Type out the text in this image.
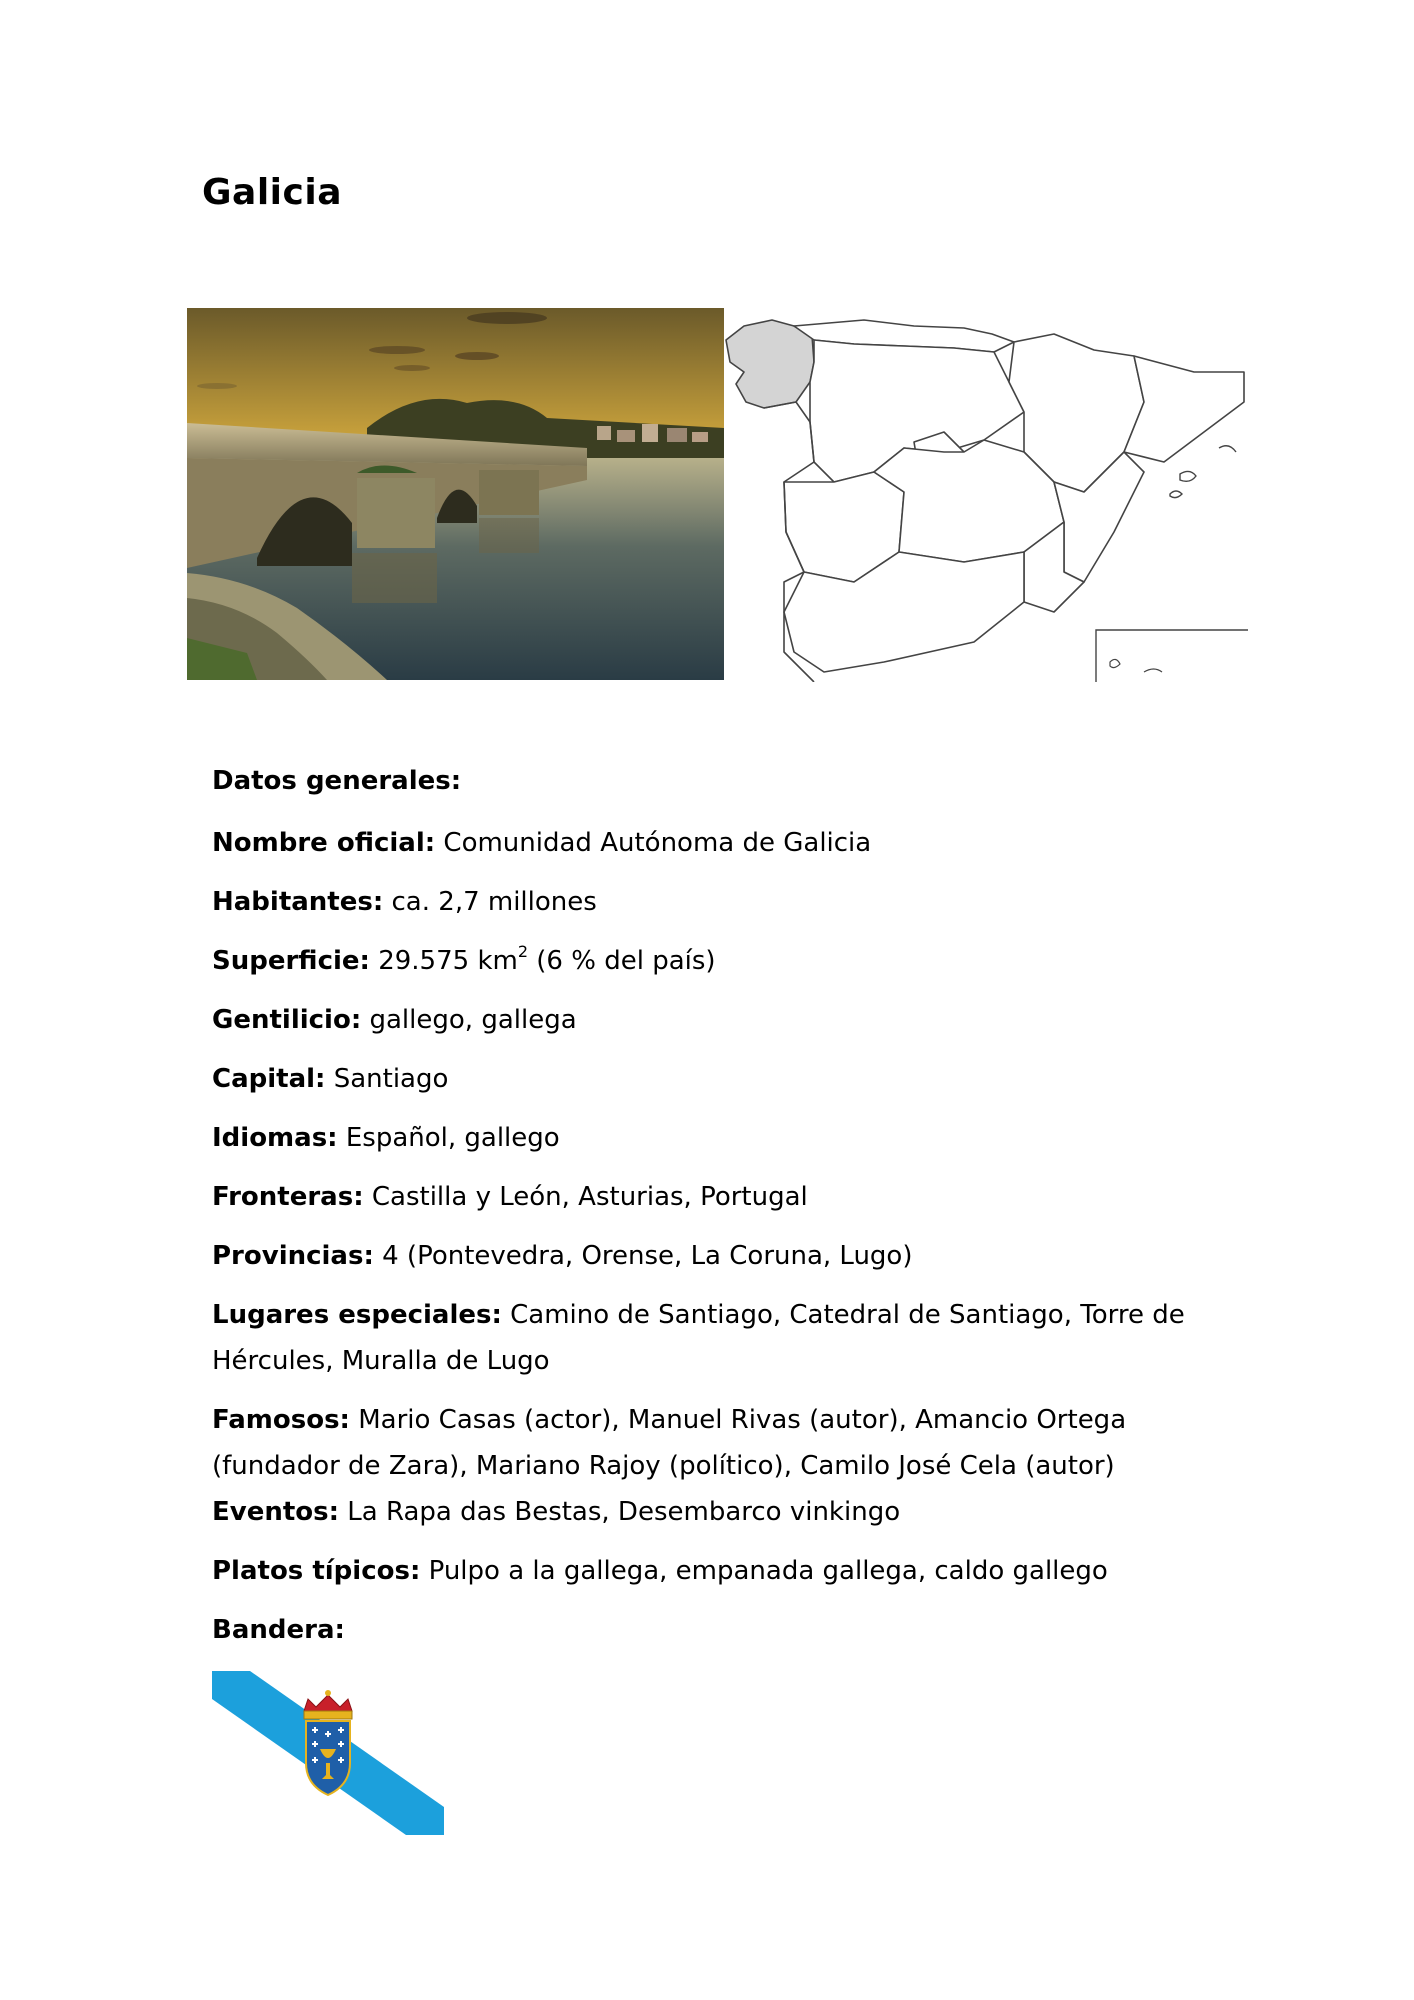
Galicia
Datos generales:
Nombre oficial: Comunidad Autónoma de Galicia
Habitantes: ca. 2,7 millones
Superficie: 29.575 $km^2$ (6 % del país)
Gentilicio: gallego, gallega
Capital: Santiago
Idiomas: Español, gallego
Fronteras: Castilla y León, Asturias, Portugal
Provincias: 4 (Pontevedra, Orense, La Coruna, Lugo)
Lugares especiales: Camino de Santiago, Catedral de Santiago, Torre de Hércules, Muralla de Lugo
Famosos: Mario Casas (actor), Manuel Rivas (autor), Amancio Ortega (fundador de Zara), Mariano Rajoy (político), Camilo José Cela (autor)
Eventos: La Rapa das Bestas, Desembarco vinkingo
Platos típicos: Pulpo a la gallega, empanada gallega, caldo gallego
Bandera:
